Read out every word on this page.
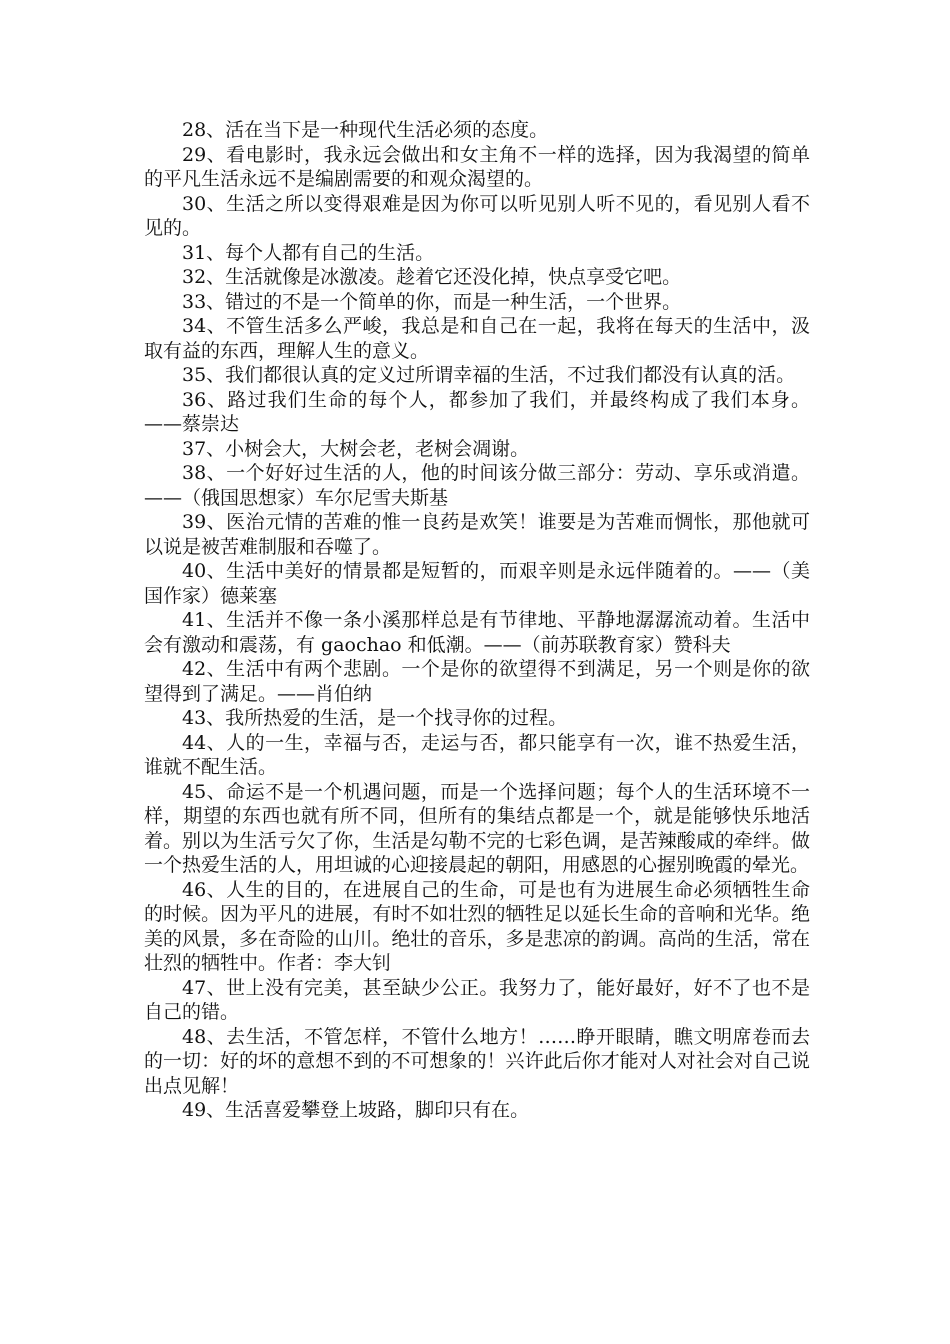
28、活在当下是一种现代生活必须的态度。

29、看电影时，我永远会做出和女主角不一样的选择，因为我渴望的简单的平凡生活永远不是编剧需要的和观众渴望的。

30、生活之所以变得艰难是因为你可以听见别人听不见的，看见别人看不见的。

31、每个人都有自己的生活。

32、生活就像是冰激凌。趁着它还没化掉，快点享受它吧。

33、错过的不是一个简单的你，而是一种生活，一个世界。

34、不管生活多么严峻，我总是和自己在一起，我将在每天的生活中，汲取有益的东西，理解人生的意义。

35、我们都很认真的定义过所谓幸福的生活，不过我们都没有认真的活。

36、路过我们生命的每个人，都参加了我们，并最终构成了我们本身。——蔡崇达

37、小树会大，大树会老，老树会凋谢。

38、一个好好过生活的人，他的时间该分做三部分：劳动、享乐或消遣。——（俄国思想家）车尔尼雪夫斯基

39、医治元情的苦难的惟一良药是欢笑！谁要是为苦难而惆怅，那他就可以说是被苦难制服和吞噬了。

40、生活中美好的情景都是短暂的，而艰辛则是永远伴随着的。——（美国作家）德莱塞

41、生活并不像一条小溪那样总是有节律地、平静地潺潺流动着。生活中会有激动和震荡，有 gaochao 和低潮。——（前苏联教育家）赞科夫

42、生活中有两个悲剧。一个是你的欲望得不到满足，另一个则是你的欲望得到了满足。——肖伯纳

43、我所热爱的生活，是一个找寻你的过程。

44、人的一生，幸福与否，走运与否，都只能享有一次，谁不热爱生活，谁就不配生活。

45、命运不是一个机遇问题，而是一个选择问题；每个人的生活环境不一样，期望的东西也就有所不同，但所有的集结点都是一个，就是能够快乐地活着。别以为生活亏欠了你，生活是勾勒不完的七彩色调，是苦辣酸咸的牵绊。做一个热爱生活的人，用坦诚的心迎接晨起的朝阳，用感恩的心握别晚霞的晕光。

46、人生的目的，在进展自己的生命，可是也有为进展生命必须牺牲生命的时候。因为平凡的进展，有时不如壮烈的牺牲足以延长生命的音响和光华。绝美的风景，多在奇险的山川。绝壮的音乐，多是悲凉的韵调。高尚的生活，常在壮烈的牺牲中。作者：李大钊

47、世上没有完美，甚至缺少公正。我努力了，能好最好，好不了也不是自己的错。

48、去生活，不管怎样，不管什么地方！……睁开眼睛，瞧文明席卷而去的一切：好的坏的意想不到的不可想象的！兴许此后你才能对人对社会对自己说出点见解！

49、生活喜爱攀登上坡路，脚印只有在。
